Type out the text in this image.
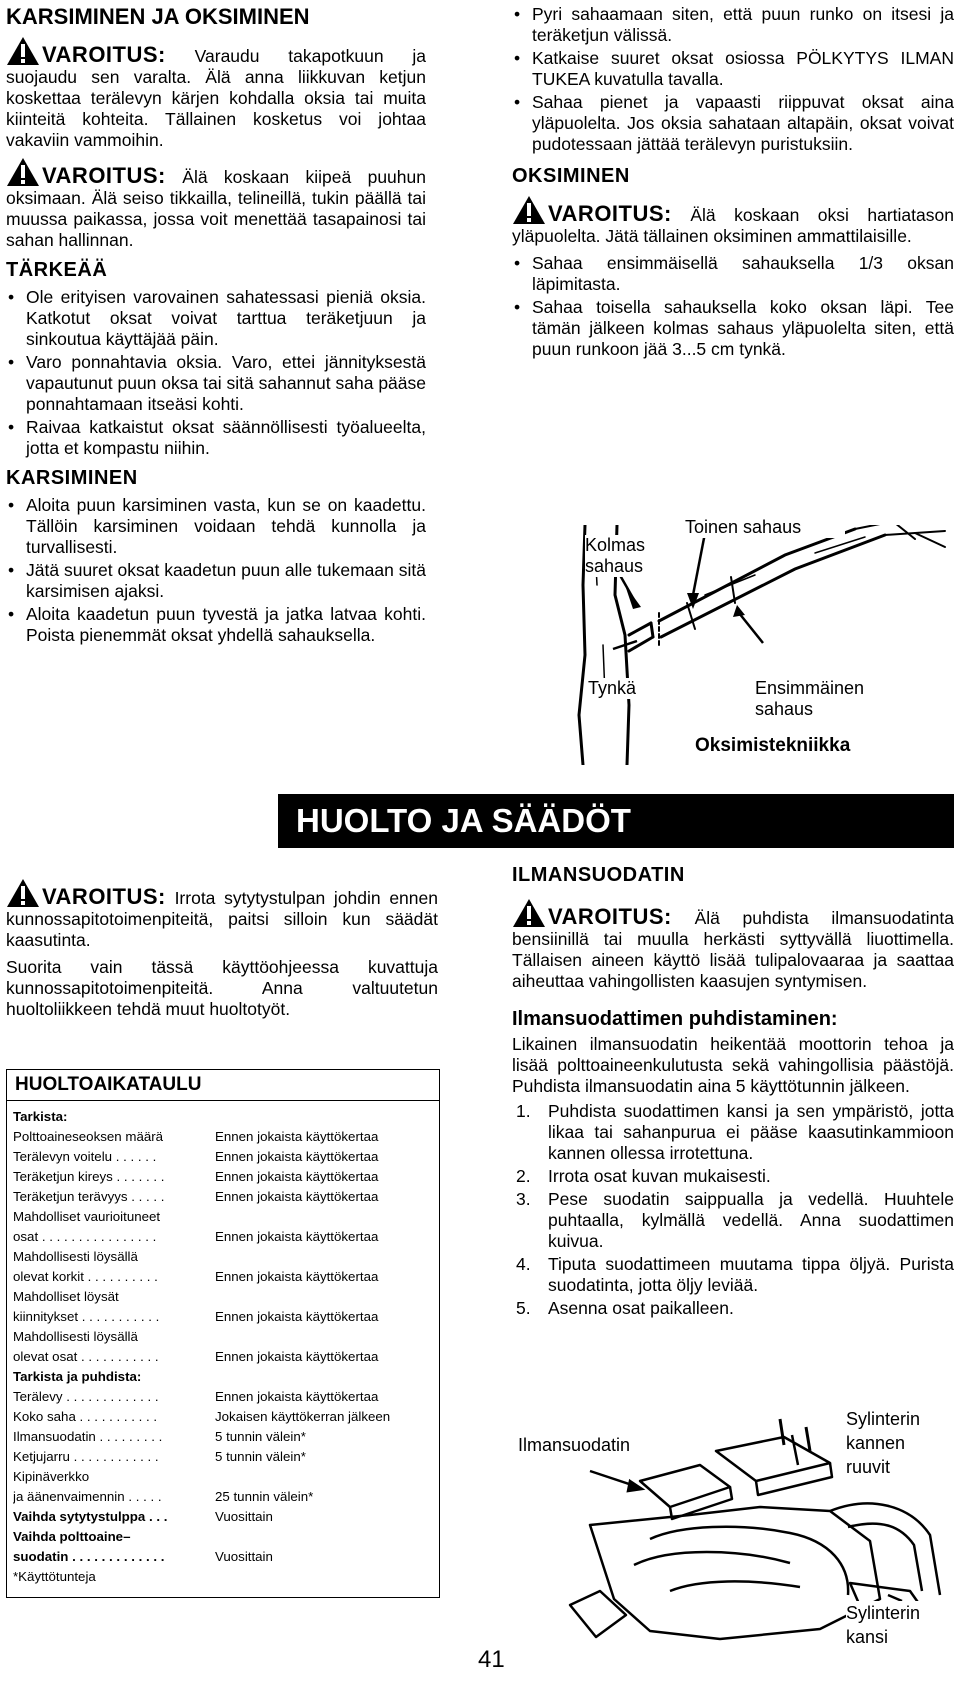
KARSIMINEN JA OKSIMINEN
VAROITUS: Varaudu takapotkuun ja suojaudu sen varalta. Älä anna liikkuvan ketjun koskettaa terälevyn kärjen kohdalla oksia tai muita kiinteitä kohteita. Tällainen kosketus voi johtaa vakaviin vammoihin.
VAROITUS: Älä koskaan kiipeä puuhun oksimaan. Älä seiso tikkailla, telineillä, tukin päällä tai muussa paikassa, jossa voit menettää tasapainosi tai sahan hallinnan.
TÄRKEÄÄ
• Ole erityisen varovainen sahatessasi pieniä oksia. Katkotut oksat voivat tarttua teräketjuun ja sinkoutua käyttäjää päin.
• Varo ponnahtavia oksia. Varo, ettei jännityksestä vapautunut puun oksa tai sitä sahannut saha pääse ponnahtamaan itseäsi kohti.
• Raivaa katkaistut oksat säännöllisesti työalueelta, jotta et kompastu niihin.
KARSIMINEN
• Aloita puun karsiminen vasta, kun se on kaadettu. Tällöin karsiminen voidaan tehdä kunnolla ja turvallisesti.
• Jätä suuret oksat kaadetun puun alle tukemaan sitä karsimisen ajaksi.
• Aloita kaadetun puun tyvestä ja jatka latvaa kohti. Poista pienemmät oksat yhdellä sahauksella.
• Pyri sahaamaan siten, että puun runko on itsesi ja teräketjun välissä.
• Katkaise suuret oksat osiossa PÖLKYTYS ILMAN TUKEA kuvatulla tavalla.
• Sahaa pienet ja vapaasti riippuvat oksat aina yläpuolelta. Jos oksia sahataan altapäin, oksat voivat pudotessaan jättää terälevyn puristuksiin.
OKSIMINEN
VAROITUS: Älä koskaan oksi hartiatason yläpuolelta. Jätä tällainen oksiminen ammattilaisille.
• Sahaa ensimmäisellä sahauksella 1/3 oksan läpimitasta.
• Sahaa toisella sahauksella koko oksan läpi. Tee tämän jälkeen kolmas sahaus yläpuolelta siten, että puun runkoon jää 3...5 cm tynkä.
Kolmas sahaus
Toinen sahaus
Tynkä	Ensimmäinen sahaus
Oksimistekniikka
HUOLTO JA SÄÄDÖT
VAROITUS: Irrota sytytystulpan johdin ennen kunnossapitotoimenpiteitä, paitsi silloin kun säädät kaasutinta.

Suorita vain tässä käyttöohjeessa kuvattuja kunnossapitotoimenpiteitä. Anna valtuutetun huoltoliikkeen tehdä muut huoltotyöt.

HUOLTOAIKATAULU
Tarkista:
Polttoaineseoksen määrä	Ennen jokaista käyttökertaa
Terälevyn voitelu . . . . . .	Ennen jokaista käyttökertaa
Teräketjun kireys . . . . . . .	Ennen jokaista käyttökertaa
Teräketjun terävyys . . . . .	Ennen jokaista käyttökertaa
Mahdolliset vaurioituneet
osat . . . . . . . . . . . . . . . .	Ennen jokaista käyttökertaa
Mahdollisesti löysällä
olevat korkit . . . . . . . . . .	Ennen jokaista käyttökertaa
Mahdolliset löysät
kiinnitykset . . . . . . . . . . .	Ennen jokaista käyttökertaa
Mahdollisesti löysällä
olevat osat . . . . . . . . . . .	Ennen jokaista käyttökertaa
Tarkista ja puhdista:
Terälevy . . . . . . . . . . . . .	Ennen jokaista käyttökertaa
Koko saha . . . . . . . . . . .	Jokaisen käyttökerran jälkeen
Ilmansuodatin . . . . . . . . .	5 tunnin välein*
Ketjujarru . . . . . . . . . . . .	5 tunnin välein*
Kipinäverkko
ja äänenvaimennin . . . . .	25 tunnin välein*
Vaihda sytytystulppa . . .	Vuosittain
Vaihda polttoaine–
suodatin . . . . . . . . . . . . .	Vuosittain
*Käyttötunteja
ILMANSUODATIN
VAROITUS: Älä puhdista ilmansuodatinta bensiinillä tai muulla herkästi syttyvällä liuottimella. Tällaisen aineen käyttö lisää tulipalovaaraa ja saattaa aiheuttaa vahingollisten kaasujen syntymisen.
Ilmansuodattimen puhdistaminen:

Likainen ilmansuodatin heikentää moottorin tehoa ja lisää polttoaineenkulutusta sekä vahingollisia päästöjä. Puhdista ilmansuodatin aina 5 käyttötunnin jälkeen.

1. Puhdista suodattimen kansi ja sen ympäristö, jotta likaa tai sahanpurua ei pääse kaasutinkammioon kannen ollessa irrotettuna.
2. Irrota osat kuvan mukaisesti.
3. Pese suodatin saippualla ja vedellä. Huuhtele puhtaalla, kylmällä vedellä. Anna suodattimen kuivua.
4. Tiputa suodattimeen muutama tippa öljyä. Purista suodatinta, jotta öljy leviää.
5. Asenna osat paikalleen.
Ilmansuodatin
Sylinterin kannen ruuvit
Sylinterin kansi
41
